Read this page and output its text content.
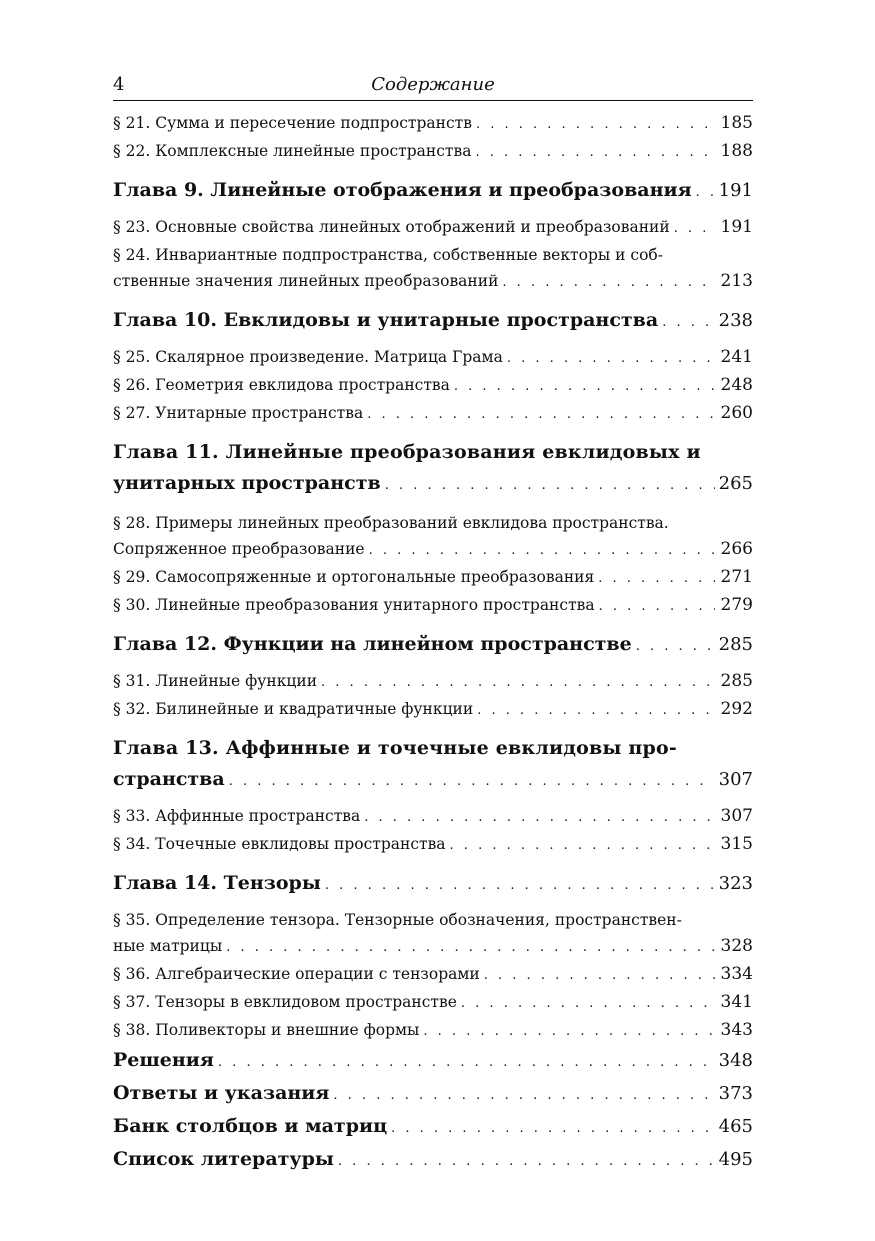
4	Содержание
§ 21. Сумма и пересечение подпространств . . .	185
§ 22. Комплексные линейные пространства . . .	188
Глава 9. Линейные отображения и преобразования . . . 191
§ 23. Основные свойства линейных отображений и преобразований . . .	191
§ 24. Инвариантные подпространства, собственные векторы и соб-
ственные значения линейных преобразований . . .	213
Глава 10. Евклидовы и унитарные пространства . . .	238
§ 25. Скалярное произведение. Матрица Грама . . .	241
§ 26. Геометрия евклидова пространства . . .	248
§ 27. Унитарные пространства . . .	260
Глава 11. Линейные преобразования евклидовых и
унитарных пространств . . .	265
§ 28. Примеры линейных преобразований евклидова пространства.
Сопряженное преобразование . . .	266
§ 29. Самосопряженные и ортогональные преобразования . . .	271
§ 30. Линейные преобразования унитарного пространства . . .	279
Глава 12. Функции на линейном пространстве . . .	285
§ 31. Линейные функции . . .	285
§ 32. Билинейные и квадратичные функции . . .	292
Глава 13. Аффинные и точечные евклидовы про-
странства . . .	307
§ 33. Аффинные пространства . . .	307
§ 34. Точечные евклидовы пространства . . .	315
Глава 14. Тензоры . . .	323
§ 35. Определение тензора. Тензорные обозначения, пространствен-
ные матрицы . . .	328
§ 36. Алгебраические операции с тензорами . . .	334
§ 37. Тензоры в евклидовом пространстве . . .	341
§ 38. Поливекторы и внешние формы . . .	343
Решения . . .	348
Ответы и указания . . .	373
Банк столбцов и матриц . . .	465
Список литературы . . .	495
